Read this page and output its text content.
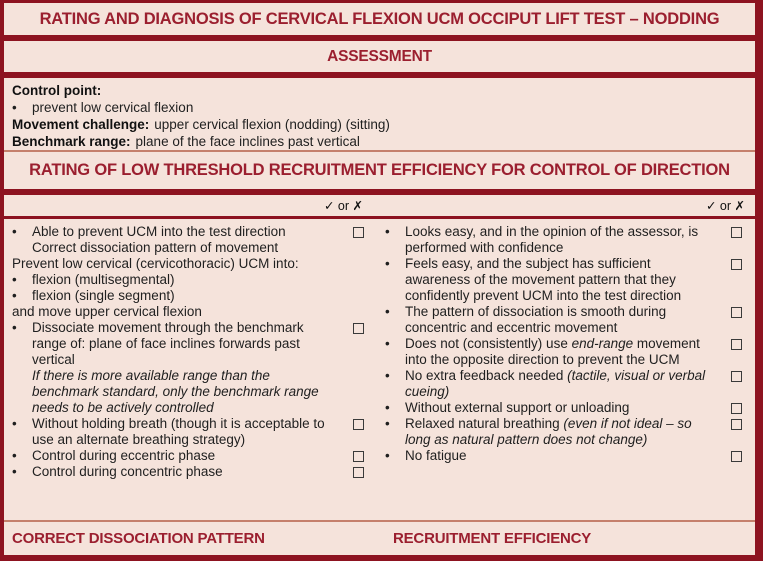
RATING AND DIAGNOSIS OF CERVICAL FLEXION UCM OCCIPUT LIFT TEST – NODDING
ASSESSMENT
Control point:
•	prevent low cervical flexion
Movement challenge: upper cervical flexion (nodding) (sitting)
Benchmark range: plane of the face inclines past vertical
RATING OF LOW THRESHOLD RECRUITMENT EFFICIENCY FOR CONTROL OF DIRECTION
✓ or ✗	✓ or ✗
•	Able to prevent UCM into the test direction
Correct dissociation pattern of movement
Prevent low cervical (cervicothoracic) UCM into:
•	flexion (multisegmental)
•	flexion (single segment)
and move upper cervical flexion
•	Dissociate movement through the benchmark range of: plane of face inclines forwards past vertical
If there is more available range than the benchmark standard, only the benchmark range needs to be actively controlled
•	Without holding breath (though it is acceptable to use an alternate breathing strategy)
•	Control during eccentric phase
•	Control during concentric phase
•	Looks easy, and in the opinion of the assessor, is performed with confidence
•	Feels easy, and the subject has sufficient awareness of the movement pattern that they confidently prevent UCM into the test direction
•	The pattern of dissociation is smooth during concentric and eccentric movement
•	Does not (consistently) use end-range movement into the opposite direction to prevent the UCM
•	No extra feedback needed (tactile, visual or verbal cueing)
•	Without external support or unloading
•	Relaxed natural breathing (even if not ideal – so long as natural pattern does not change)
•	No fatigue
CORRECT DISSOCIATION PATTERN	RECRUITMENT EFFICIENCY
